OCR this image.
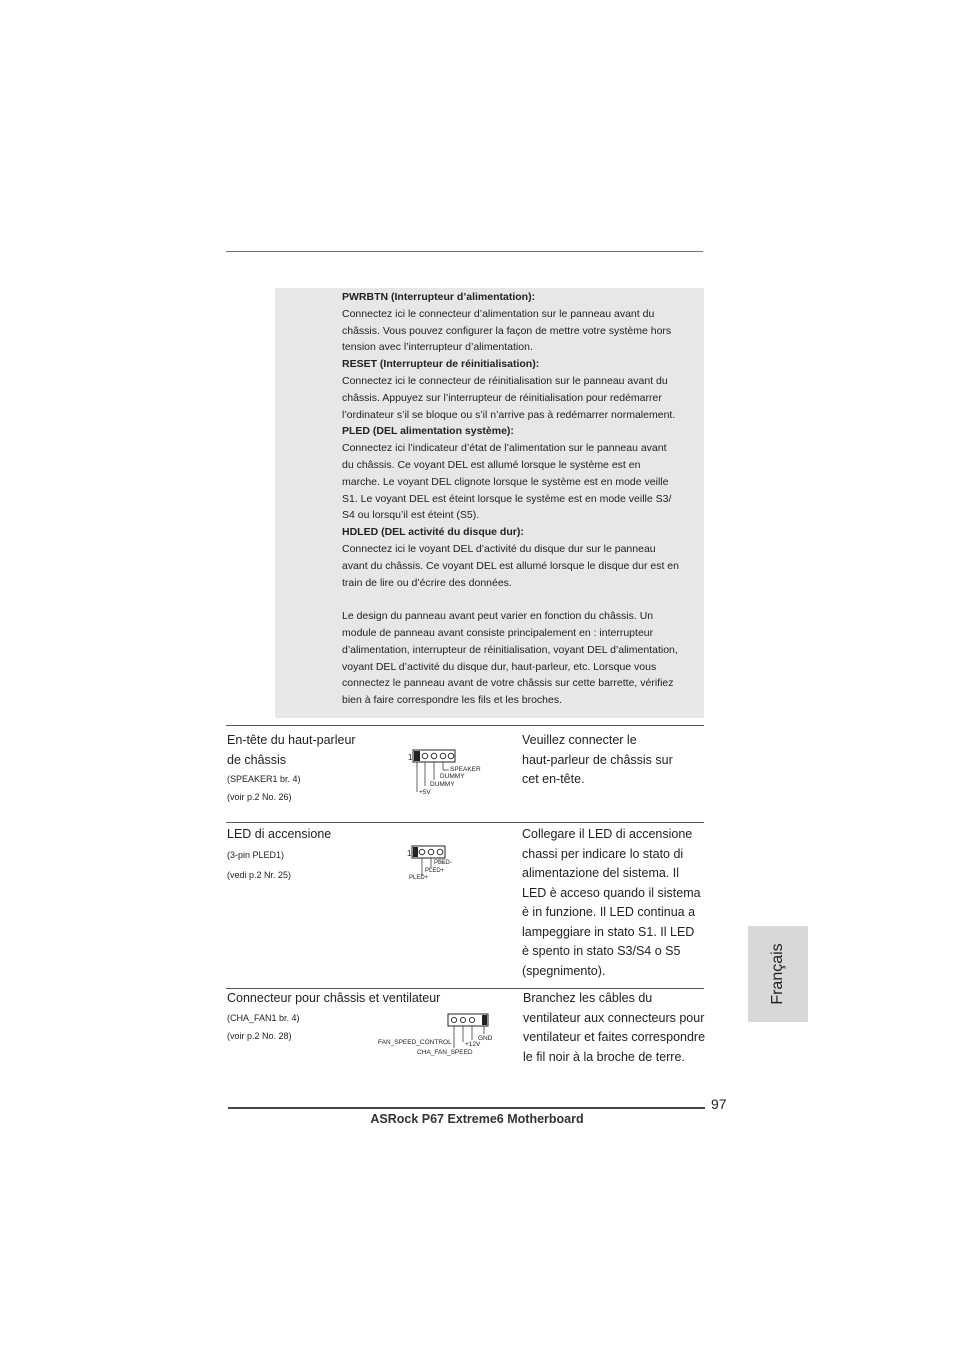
PWRBTN (Interrupteur d’alimentation):

Connectez ici le connecteur d’alimentation sur le panneau avant du

châssis. Vous pouvez configurer la façon de mettre votre système hors

tension avec l’interrupteur d’alimentation.

RESET (Interrupteur de réinitialisation):

Connectez ici le connecteur de réinitialisation sur le panneau avant du

châssis. Appuyez sur l’interrupteur de réinitialisation pour redémarrer

l’ordinateur s’il se bloque ou s’il n’arrive pas à redémarrer normalement.

PLED (DEL alimentation système):

Connectez ici l’indicateur d’état de l’alimentation sur le panneau avant

du châssis. Ce voyant DEL est allumé lorsque le système est en

marche. Le voyant DEL clignote lorsque le système est en mode veille

S1. Le voyant DEL est éteint lorsque le système est en mode veille S3/

S4 ou lorsqu’il est éteint (S5).

HDLED (DEL activité du disque dur):

Connectez ici le voyant DEL d’activité du disque dur sur le panneau

avant du châssis. Ce voyant DEL est allumé lorsque le disque dur est en

train de lire ou d’écrire des données.

Le design du panneau avant peut varier en fonction du châssis. Un

module de panneau avant consiste principalement en : interrupteur

d’alimentation, interrupteur de réinitialisation, voyant DEL d’alimentation,

voyant DEL d’activité du disque dur, haut-parleur, etc. Lorsque vous

connectez le panneau avant de votre châssis sur cette barrette, vérifiez

bien à faire correspondre les fils et les broches.

En-tête du haut-parleur

de châssis

(SPEAKER1 br. 4)

(voir p.2 No. 26)

1
SPEAKER
DUMMY
DUMMY
+5V

Veuillez connecter le

haut-parleur de châssis sur

cet en-tête.

LED di accensione

(3-pin PLED1)

(vedi p.2 Nr. 25)

1
PLED-
PLED+
PLED+

Collegare il LED di accensione

chassi per indicare lo stato di

alimentazione del sistema. Il

LED è acceso quando il sistema

è in funzione. Il LED continua a

lampeggiare in stato S1. Il LED

è spento in stato S3/S4 o S5

(spegnimento).

Connecteur pour châssis et ventilateur

(CHA_FAN1 br. 4)

(voir p.2 No. 28)	GND
+12V
FAN_SPEED_CONTROL
CHA_FAN_SPEED

Branchez les câbles du

ventilateur aux connecteurs pour

ventilateur et faites correspondre

le fil noir à la broche de terre.

Français
97
ASRock P67 Extreme6 Motherboard
